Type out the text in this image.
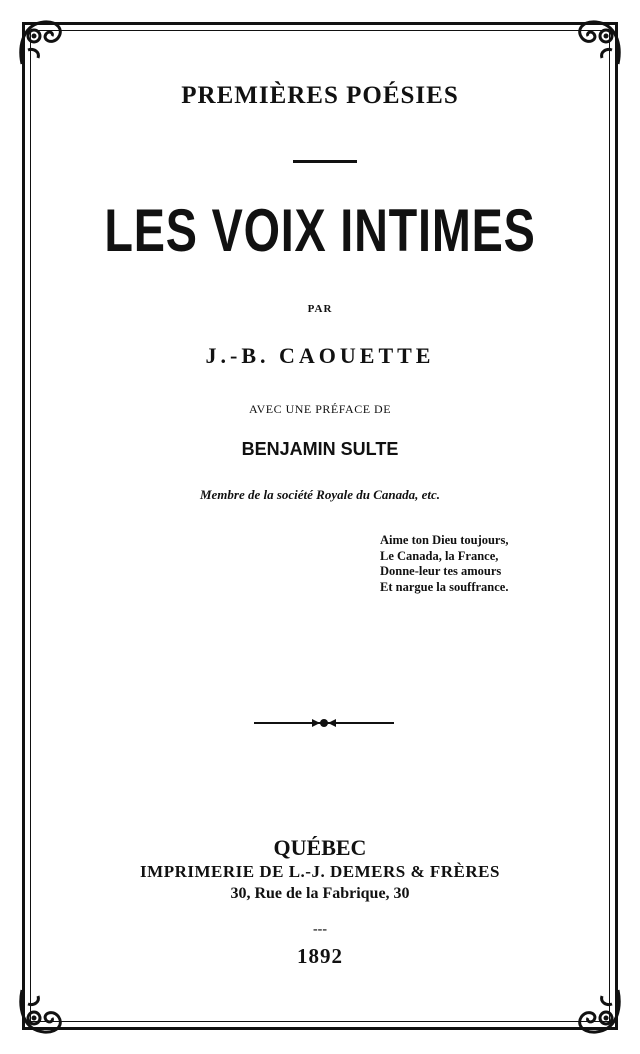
PREMIÈRES POÉSIES
LES VOIX INTIMES
PAR
J.-B. CAOUETTE
AVEC UNE PRÉFACE DE
BENJAMIN SULTE
Membre de la société Royale du Canada, etc.
Aime ton Dieu toujours,
Le Canada, la France,
Donne-leur tes amours
Et nargue la souffrance.
QUÉBEC
IMPRIMERIE DE L.-J. DEMERS & FRÈRES
30, Rue de la Fabrique, 30
---
1892
